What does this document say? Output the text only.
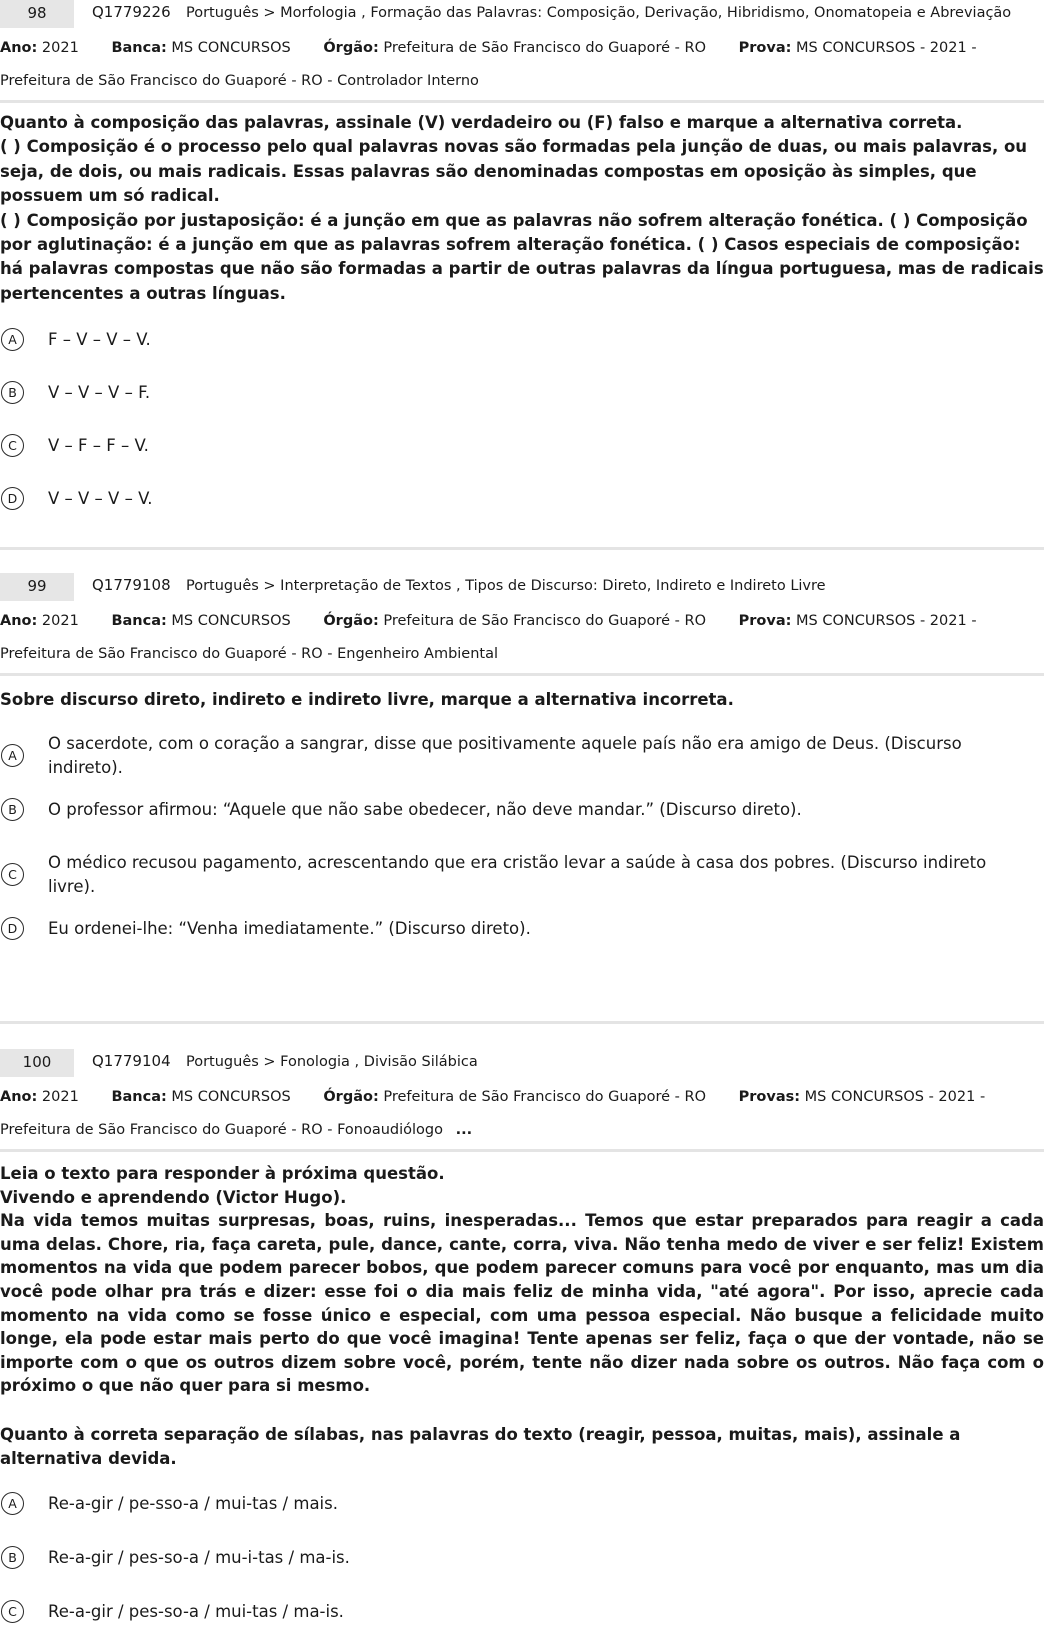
98	Q1779226 Português > Morfologia , Formação das Palavras: Composição, Derivação, Hibridismo, Onomatopeia e Abreviação
Ano: 2021 Banca: MS CONCURSOS Órgão: Prefeitura de São Francisco do Guaporé - RO Prova: MS CONCURSOS - 2021 - Prefeitura de São Francisco do Guaporé - RO - Controlador Interno
Quanto à composição das palavras, assinale (V) verdadeiro ou (F) falso e marque a alternativa correta.
( ) Composição é o processo pelo qual palavras novas são formadas pela junção de duas, ou mais palavras, ou seja, de dois, ou mais radicais. Essas palavras são denominadas compostas em oposição às simples, que possuem um só radical.
( ) Composição por justaposição: é a junção em que as palavras não sofrem alteração fonética. ( ) Composição por aglutinação: é a junção em que as palavras sofrem alteração fonética. ( ) Casos especiais de composição: há palavras compostas que não são formadas a partir de outras palavras da língua portuguesa, mas de radicais pertencentes a outras línguas.
A	F – V – V – V.
B	V – V – V – F.
C	V – F – F – V.
D	V – V – V – V.
99	Q1779108 Português > Interpretação de Textos , Tipos de Discurso: Direto, Indireto e Indireto Livre
Ano: 2021 Banca: MS CONCURSOS Órgão: Prefeitura de São Francisco do Guaporé - RO Prova: MS CONCURSOS - 2021 - Prefeitura de São Francisco do Guaporé - RO - Engenheiro Ambiental
Sobre discurso direto, indireto e indireto livre, marque a alternativa incorreta.
A
O sacerdote, com o coração a sangrar, disse que positivamente aquele país não era amigo de Deus. (Discurso indireto).
B	O professor afirmou: “Aquele que não sabe obedecer, não deve mandar.” (Discurso direto).
C
O médico recusou pagamento, acrescentando que era cristão levar a saúde à casa dos pobres. (Discurso indireto livre).
D	Eu ordenei-lhe: “Venha imediatamente.” (Discurso direto).
100	Q1779104 Português > Fonologia , Divisão Silábica
Ano: 2021 Banca: MS CONCURSOS Órgão: Prefeitura de São Francisco do Guaporé - RO Provas: MS CONCURSOS - 2021 - Prefeitura de São Francisco do Guaporé - RO - Fonoaudiólogo ...
Leia o texto para responder à próxima questão.
Vivendo e aprendendo (Victor Hugo).
Na vida temos muitas surpresas, boas, ruins, inesperadas... Temos que estar preparados para reagir a cada uma delas. Chore, ria, faça careta, pule, dance, cante, corra, viva. Não tenha medo de viver e ser feliz! Existem momentos na vida que podem parecer bobos, que podem parecer comuns para você por enquanto, mas um dia você pode olhar pra trás e dizer: esse foi o dia mais feliz de minha vida, "até agora". Por isso, aprecie cada momento na vida como se fosse único e especial, com uma pessoa especial. Não busque a felicidade muito longe, ela pode estar mais perto do que você imagina! Tente apenas ser feliz, faça o que der vontade, não se importe com o que os outros dizem sobre você, porém, tente não dizer nada sobre os outros. Não faça com o próximo o que não quer para si mesmo.
Quanto à correta separação de sílabas, nas palavras do texto (reagir, pessoa, muitas, mais), assinale a alternativa devida.
A	Re-a-gir / pe-sso-a / mui-tas / mais.
B	Re-a-gir / pes-so-a / mu-i-tas / ma-is.
C	Re-a-gir / pes-so-a / mui-tas / ma-is.
